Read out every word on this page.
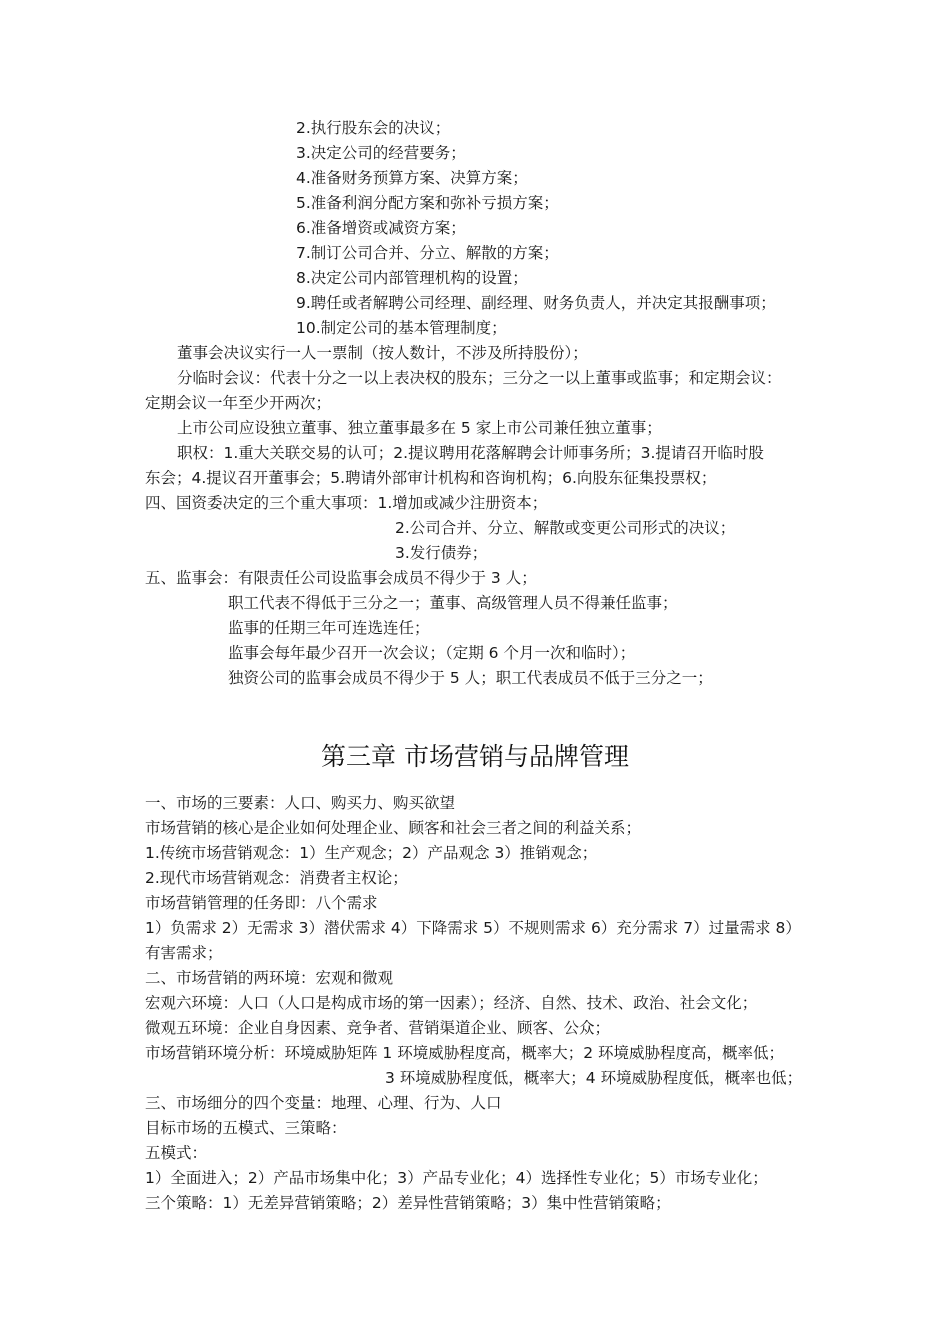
2.执行股东会的决议；
3.决定公司的经营要务；
4.准备财务预算方案、决算方案；
5.准备利润分配方案和弥补亏损方案；
6.准备增资或减资方案；
7.制订公司合并、分立、解散的方案；
8.决定公司内部管理机构的设置；
9.聘任或者解聘公司经理、副经理、财务负责人，并决定其报酬事项；
10.制定公司的基本管理制度；
董事会决议实行一人一票制（按人数计，不涉及所持股份）；
分临时会议：代表十分之一以上表决权的股东；三分之一以上董事或监事；和定期会议：
定期会议一年至少开两次；
上市公司应设独立董事、独立董事最多在 5 家上市公司兼任独立董事；
职权：1.重大关联交易的认可；2.提议聘用花落解聘会计师事务所；3.提请召开临时股
东会；4.提议召开董事会；5.聘请外部审计机构和咨询机构；6.向股东征集投票权；
四、国资委决定的三个重大事项：1.增加或减少注册资本；
2.公司合并、分立、解散或变更公司形式的决议；
3.发行债券；
五、监事会：有限责任公司设监事会成员不得少于 3 人；
职工代表不得低于三分之一；董事、高级管理人员不得兼任监事；
监事的任期三年可连选连任；
监事会每年最少召开一次会议；（定期 6 个月一次和临时）；
独资公司的监事会成员不得少于 5 人；职工代表成员不低于三分之一；
第三章 市场营销与品牌管理
一、市场的三要素：人口、购买力、购买欲望
市场营销的核心是企业如何处理企业、顾客和社会三者之间的利益关系；
1.传统市场营销观念：1）生产观念；2）产品观念 3）推销观念；
2.现代市场营销观念：消费者主权论；
市场营销管理的任务即：八个需求
1）负需求 2）无需求 3）潜伏需求 4）下降需求 5）不规则需求 6）充分需求 7）过量需求 8）
有害需求；
二、市场营销的两环境：宏观和微观
宏观六环境：人口（人口是构成市场的第一因素）；经济、自然、技术、政治、社会文化；
微观五环境：企业自身因素、竞争者、营销渠道企业、顾客、公众；
市场营销环境分析：环境威胁矩阵 1 环境威胁程度高，概率大；2 环境威胁程度高，概率低；
3 环境威胁程度低，概率大；4 环境威胁程度低，概率也低；
三、市场细分的四个变量：地理、心理、行为、人口
目标市场的五模式、三策略：
五模式：
1）全面进入；2）产品市场集中化；3）产品专业化；4）选择性专业化；5）市场专业化；
三个策略：1）无差异营销策略；2）差异性营销策略；3）集中性营销策略；
